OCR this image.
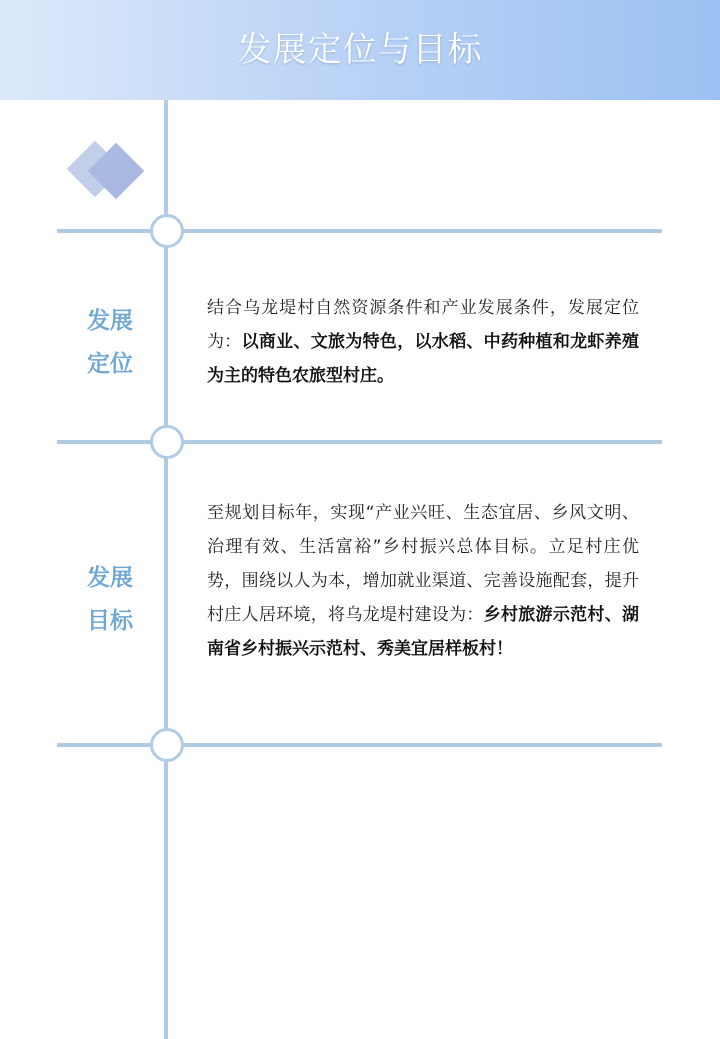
发展定位与目标
发展
定位
结合乌龙堤村自然资源条件和产业发展条件，发展定位为：以商业、文旅为特色，以水稻、中药种植和龙虾养殖为主的特色农旅型村庄。
发展
目标
至规划目标年，实现“产业兴旺、生态宜居、乡风文明、治理有效、生活富裕”乡村振兴总体目标。立足村庄优势，围绕以人为本，增加就业渠道、完善设施配套，提升村庄人居环境，将乌龙堤村建设为：乡村旅游示范村、湖南省乡村振兴示范村、秀美宜居样板村！
